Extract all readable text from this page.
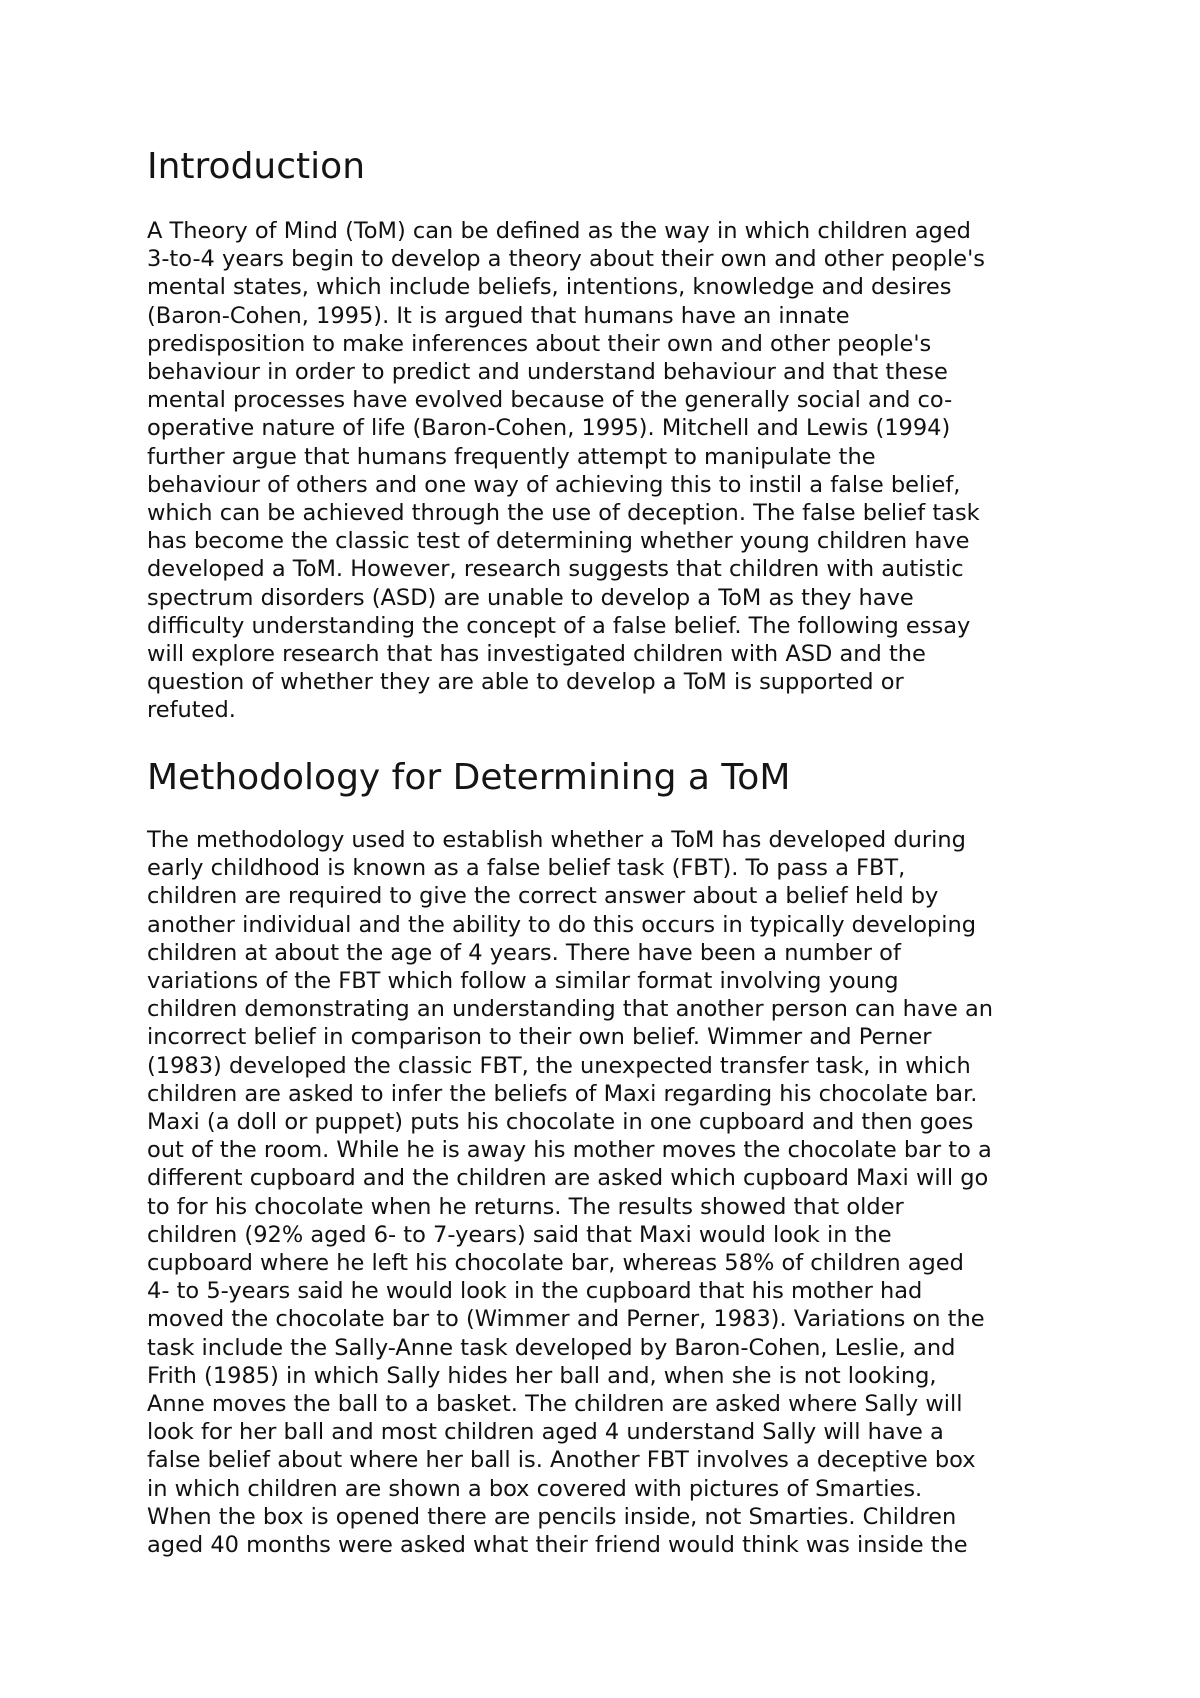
Introduction
A Theory of Mind (ToM) can be defined as the way in which children aged
3-to-4 years begin to develop a theory about their own and other people's
mental states, which include beliefs, intentions, knowledge and desires
(Baron-Cohen, 1995). It is argued that humans have an innate
predisposition to make inferences about their own and other people's
behaviour in order to predict and understand behaviour and that these
mental processes have evolved because of the generally social and co-
operative nature of life (Baron-Cohen, 1995). Mitchell and Lewis (1994)
further argue that humans frequently attempt to manipulate the
behaviour of others and one way of achieving this to instil a false belief,
which can be achieved through the use of deception. The false belief task
has become the classic test of determining whether young children have
developed a ToM. However, research suggests that children with autistic
spectrum disorders (ASD) are unable to develop a ToM as they have
difficulty understanding the concept of a false belief. The following essay
will explore research that has investigated children with ASD and the
question of whether they are able to develop a ToM is supported or
refuted.
Methodology for Determining a ToM
The methodology used to establish whether a ToM has developed during
early childhood is known as a false belief task (FBT). To pass a FBT,
children are required to give the correct answer about a belief held by
another individual and the ability to do this occurs in typically developing
children at about the age of 4 years. There have been a number of
variations of the FBT which follow a similar format involving young
children demonstrating an understanding that another person can have an
incorrect belief in comparison to their own belief. Wimmer and Perner
(1983) developed the classic FBT, the unexpected transfer task, in which
children are asked to infer the beliefs of Maxi regarding his chocolate bar.
Maxi (a doll or puppet) puts his chocolate in one cupboard and then goes
out of the room. While he is away his mother moves the chocolate bar to a
different cupboard and the children are asked which cupboard Maxi will go
to for his chocolate when he returns. The results showed that older
children (92% aged 6- to 7-years) said that Maxi would look in the
cupboard where he left his chocolate bar, whereas 58% of children aged
4- to 5-years said he would look in the cupboard that his mother had
moved the chocolate bar to (Wimmer and Perner, 1983). Variations on the
task include the Sally-Anne task developed by Baron-Cohen, Leslie, and
Frith (1985) in which Sally hides her ball and, when she is not looking,
Anne moves the ball to a basket. The children are asked where Sally will
look for her ball and most children aged 4 understand Sally will have a
false belief about where her ball is. Another FBT involves a deceptive box
in which children are shown a box covered with pictures of Smarties.
When the box is opened there are pencils inside, not Smarties. Children
aged 40 months were asked what their friend would think was inside the
